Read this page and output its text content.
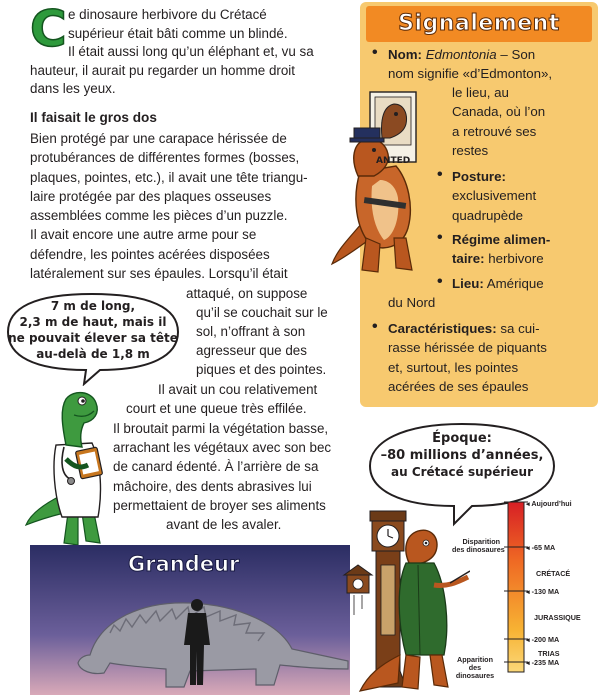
C e dinosaure herbivore du Crétacé
supérieur était bâti comme un blindé.
Il était aussi long qu’un éléphant et, vu sa
hauteur, il aurait pu regarder un homme droit
dans les yeux.
Il faisait le gros dos
Bien protégé par une carapace hérissée de
protubérances de différentes formes (bosses,
plaques, pointes, etc.), il avait une tête triangu-
laire protégée par des plaques osseuses
assemblées comme les pièces d’un puzzle.
Il avait encore une autre arme pour se
défendre, les pointes acérées disposées
latéralement sur ses épaules. Lorsqu’il était
attaqué, on suppose
qu’il se couchait sur le
sol, n’offrant à son
agresseur que des
piques et des pointes.
Il avait un cou relativement
court et une queue très effilée.
Il broutait parmi la végétation basse,
arrachant les végétaux avec son bec
de canard édenté. À l’arrière de sa
mâchoire, des dents abrasives lui
permettaient de broyer ses aliments
avant de les avaler.
7 m de long,
2,3 m de haut, mais il
ne pouvait élever sa tête
au-delà de 1,8 m
Signalement
ANTED
• Nom: Edmontonia – Son
nom signifie «d’Edmonton»,
le lieu, au
Canada, où l’on
a retrouvé ses
restes
• Posture:
exclusivement
quadrupède
• Régime alimen-
taire: herbivore
• Lieu: Amérique
du Nord
• Caractéristiques: sa cui-
rasse hérissée de piquants
et, surtout, les pointes
acérées de ses épaules
Époque:
–80 millions d’années,
au Crétacé supérieur
Grandeur
◂ Aujourd’hui
Disparition
des dinosaures	◂ -65 MA
CRÉTACÉ
◂ -130 MA
JURASSIQUE
◂ -200 MA
TRIAS
◂ -235 MA
Apparition
des
dinosaures
